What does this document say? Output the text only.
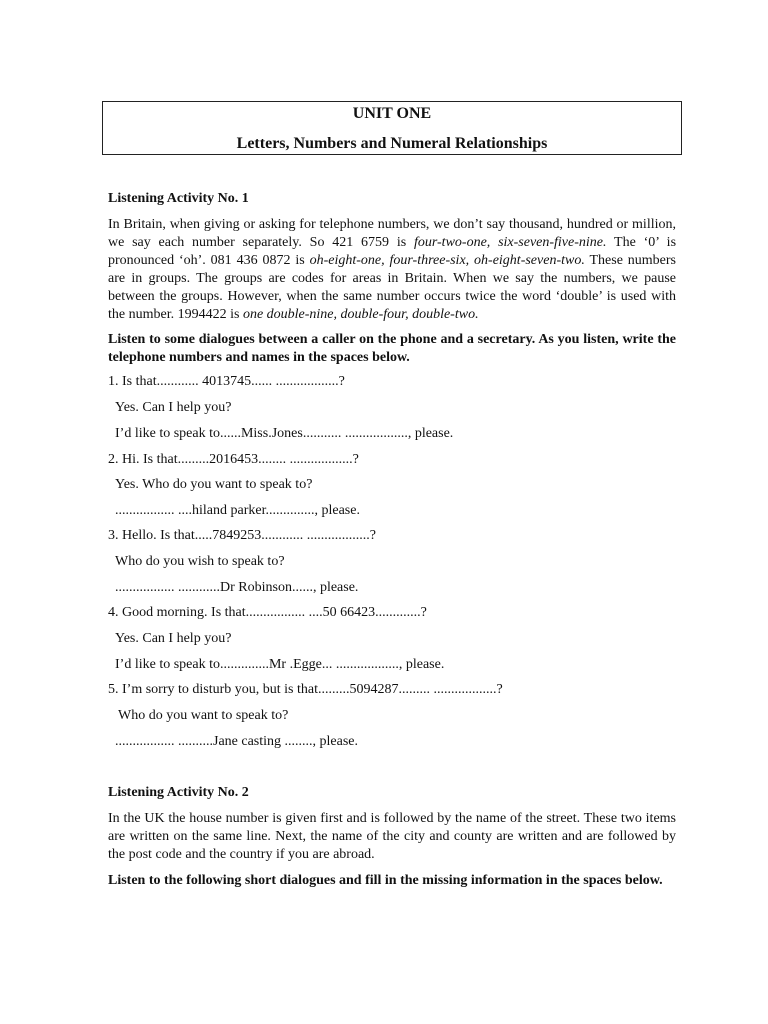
UNIT ONE
Letters, Numbers and Numeral Relationships
Listening Activity No. 1
In Britain, when giving or asking for telephone numbers, we don’t say thousand, hundred or million, we say each number separately. So 421 6759 is four-two-one, six-seven-five-nine. The ‘0’ is pronounced ‘oh’. 081 436 0872 is oh-eight-one, four-three-six, oh-eight-seven-two. These numbers are in groups. The groups are codes for areas in Britain. When we say the numbers, we pause between the groups. However, when the same number occurs twice the word ‘double’ is used with the number. 1994422 is one double-nine, double-four, double-two.
Listen to some dialogues between a caller on the phone and a secretary. As you listen, write the telephone numbers and names in the spaces below.
1. Is that............ 4013745...... ..................?
Yes. Can I help you?
I’d like to speak to......Miss.Jones........... .................., please.
2. Hi. Is that.........2016453........ ..................?
Yes. Who do you want to speak to?
................. ....hiland parker.............., please.
3. Hello. Is that.....7849253............ ..................?
Who do you wish to speak to?
................. ............Dr Robinson......, please.
4. Good morning. Is that................. ....50 66423.............?
Yes. Can I help you?
I’d like to speak to..............Mr .Egge... .................., please.
5. I’m sorry to disturb you, but is that.........5094287......... ..................?
Who do you want to speak to?
................. ..........Jane casting ........, please.
Listening Activity No. 2
In the UK the house number is given first and is followed by the name of the street. These two items are written on the same line. Next, the name of the city and county are written and are followed by the post code and the country if you are abroad.
Listen to the following short dialogues and fill in the missing information in the spaces below.
